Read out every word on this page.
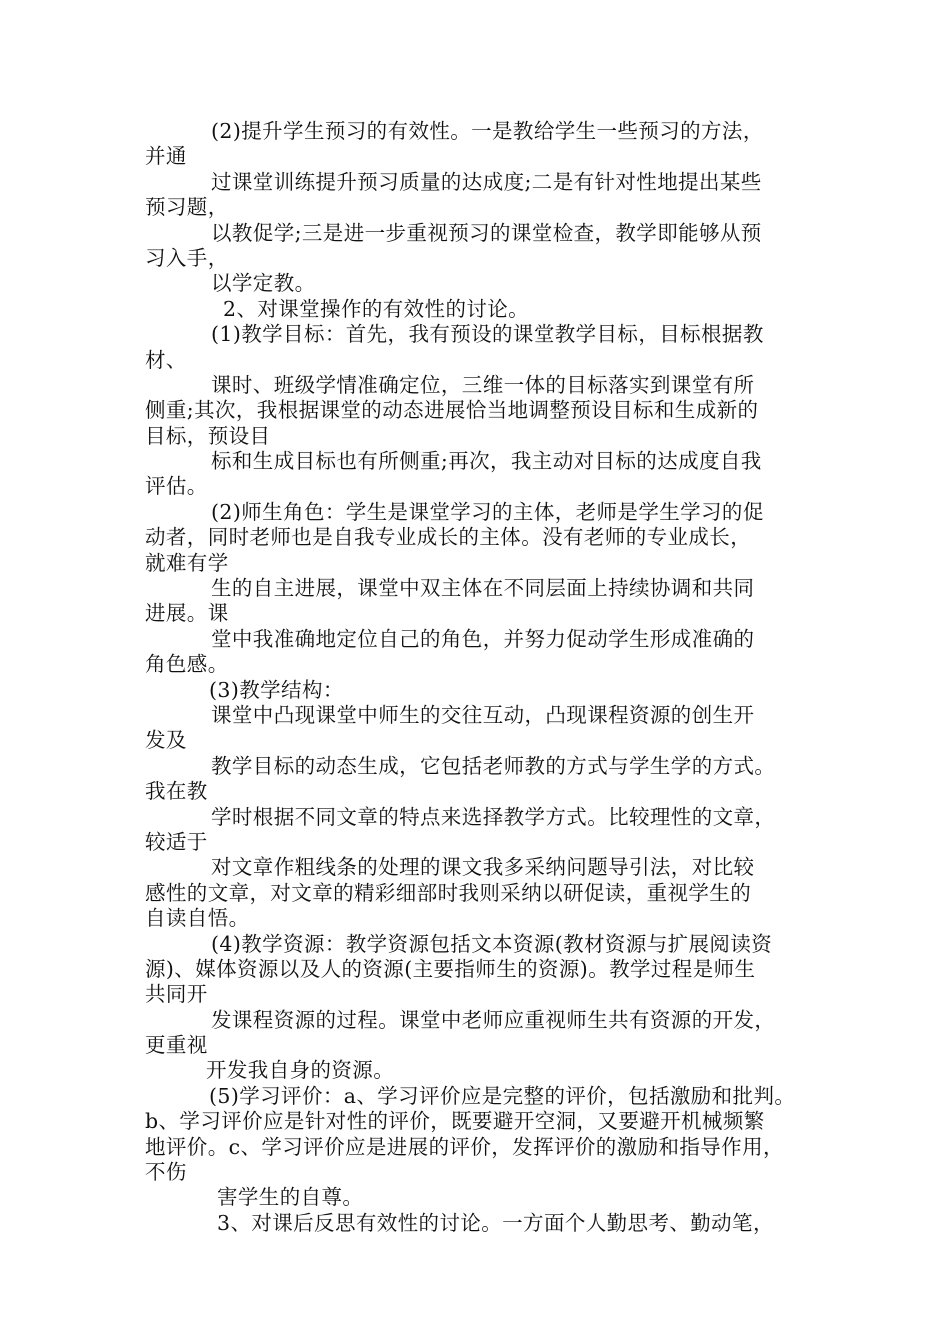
(2)提升学生预习的有效性。一是教给学生一些预习的方法，
并通
过课堂训练提升预习质量的达成度;二是有针对性地提出某些
预习题，
以教促学;三是进一步重视预习的课堂检查，教学即能够从预
习入手，
以学定教。
2、对课堂操作的有效性的讨论。
(1)教学目标：首先，我有预设的课堂教学目标，目标根据教
材、
课时、班级学情准确定位，三维一体的目标落实到课堂有所
侧重;其次，我根据课堂的动态进展恰当地调整预设目标和生成新的
目标，预设目
标和生成目标也有所侧重;再次，我主动对目标的达成度自我
评估。
(2)师生角色：学生是课堂学习的主体，老师是学生学习的促
动者，同时老师也是自我专业成长的主体。没有老师的专业成长，
就难有学
生的自主进展，课堂中双主体在不同层面上持续协调和共同
进展。课
堂中我准确地定位自己的角色，并努力促动学生形成准确的
角色感。
(3)教学结构：
课堂中凸现课堂中师生的交往互动，凸现课程资源的创生开
发及
教学目标的动态生成，它包括老师教的方式与学生学的方式。
我在教
学时根据不同文章的特点来选择教学方式。比较理性的文章，
较适于
对文章作粗线条的处理的课文我多采纳问题导引法，对比较
感性的文章，对文章的精彩细部时我则采纳以研促读，重视学生的
自读自悟。
(4)教学资源：教学资源包括文本资源(教材资源与扩展阅读资
源)、媒体资源以及人的资源(主要指师生的资源)。教学过程是师生
共同开
发课程资源的过程。课堂中老师应重视师生共有资源的开发，
更重视
开发我自身的资源。
(5)学习评价：a、学习评价应是完整的评价，包括激励和批判。
b、学习评价应是针对性的评价，既要避开空洞，又要避开机械频繁
地评价。c、学习评价应是进展的评价，发挥评价的激励和指导作用，
不伤
害学生的自尊。
3、对课后反思有效性的讨论。一方面个人勤思考、勤动笔，
